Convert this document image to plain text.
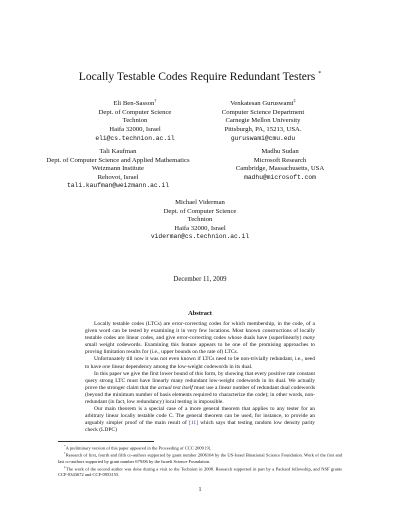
Locally Testable Codes Require Redundant Testers *
Eli Ben-Sasson†
Dept. of Computer Science
Technion
Haifa 32000, Israel
eli@cs.technion.ac.il
Venkatesan Guruswami‡
Computer Science Department
Carnegie Mellon University
Pittsburgh, PA, 15213, USA.
guruswami@cmu.edu
Tali Kaufman
Dept. of Computer Science and Applied Mathematics
Weizmann Institute
Rehovot, Israel
tali.kaufman@weizmann.ac.il
Madhu Sudan
Microsoft Research
Cambridge, Massachusetts, USA
madhu@microsoft.com
Michael Viderman
Dept. of Computer Science
Technion
Haifa 32000, Israel
viderman@cs.technion.ac.il
December 11, 2009
Abstract

Locally testable codes (LTCs) are error-correcting codes for which membership, in the code, of a given word can be tested by examining it in very few locations. Most known constructions of locally testable codes are linear codes, and give error-correcting codes whose duals have (superlinearly) many small weight codewords. Examining this feature appears to be one of the promising approaches to proving limitation results for (i.e., upper bounds on the rate of) LTCs.

Unfortunately till now it was not even known if LTCs need to be non-trivially redundant, i.e., need to have one linear dependency among the low-weight codewords in its dual.

In this paper we give the first lower bound of this form, by showing that every positive rate constant query strong LTC must have linearly many redundant low-weight codewords in its dual. We actually prove the stronger claim that the actual test itself must use a linear number of redundant dual codewords (beyond the minimum number of basis elements required to characterize the code); in other words, non-redundant (in fact, low redundancy) local testing is impossible.

Our main theorem is a special case of a more general theorem that applies to any tester for an arbitrary linear locally testable code C. The general theorem can be used, for instance, to provide an arguably simpler proof of the main result of [11] which says that testing random low density parity check (LDPC)

*A preliminary version of this paper appeared in the Proceeding of CCC 2009 [9].

†Research of first, fourth and fifth co-authors supported by grant number 2006104 by the US-Israel Binational Science Foundation. Work of the first and last co-authors supported by grant number 679/06 by the Israeli Science Foundation.

‡The work of the second author was done during a visit to the Technion in 2008. Research supported in part by a Packard fellowship, and NSF grants CCF-0343672 and CCF-0953155.

1
